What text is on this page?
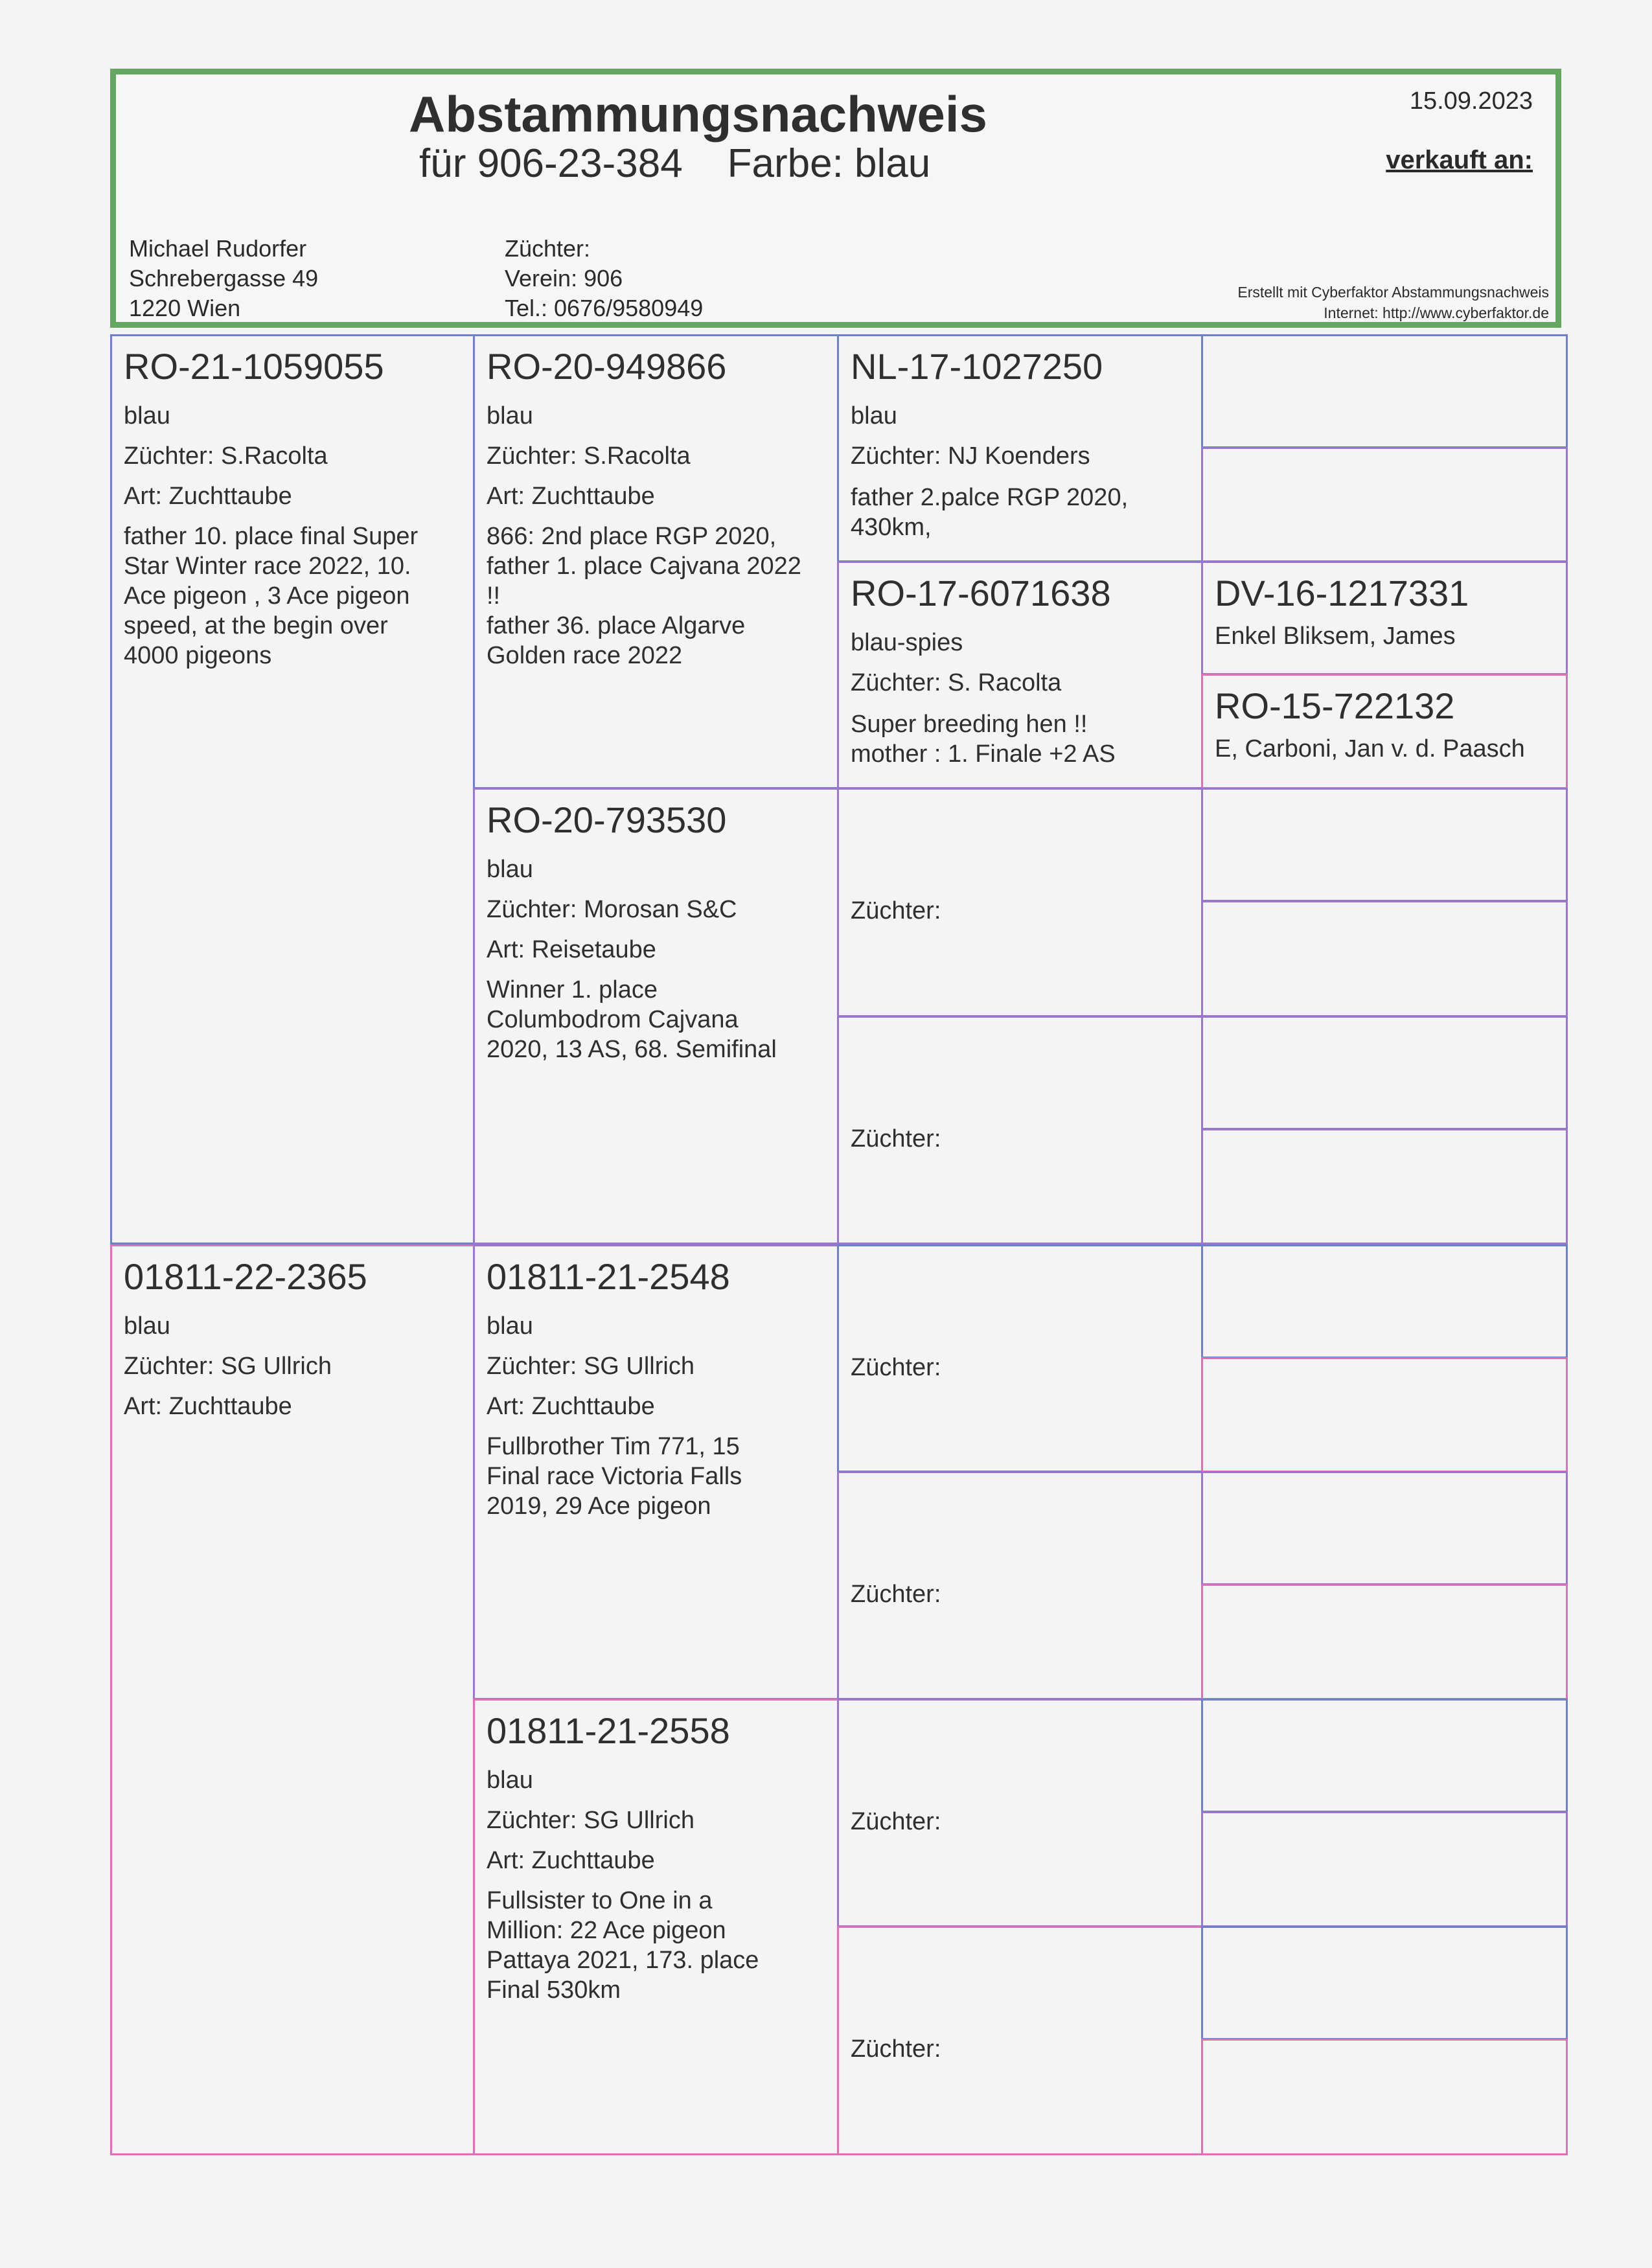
Abstammungsnachweis
für 906-23-384    Farbe: blau
15.09.2023
verkauft an:
Michael Rudorfer
Schrebergasse 49
1220 Wien
Züchter:
Verein: 906
Tel.: 0676/9580949
Erstellt mit Cyberfaktor Abstammungsnachweis
Internet: http://www.cyberfaktor.de
RO-21-1059055
blau
Züchter: S.Racolta
Art: Zuchttaube
father 10. place final Super
Star Winter race 2022, 10.
Ace pigeon , 3 Ace pigeon
speed, at the begin over
4000 pigeons
01811-22-2365
blau
Züchter: SG Ullrich
Art: Zuchttaube
RO-20-949866
blau
Züchter: S.Racolta
Art: Zuchttaube
866: 2nd place RGP 2020,
father 1. place Cajvana 2022
!!
father 36. place Algarve
Golden race 2022
RO-20-793530
blau
Züchter: Morosan S&C
Art: Reisetaube
Winner 1. place
Columbodrom Cajvana
2020, 13 AS, 68. Semifinal
01811-21-2548
blau
Züchter: SG Ullrich
Art: Zuchttaube
Fullbrother Tim 771, 15
Final race Victoria Falls
2019, 29 Ace pigeon
01811-21-2558
blau
Züchter: SG Ullrich
Art: Zuchttaube
Fullsister to One in a
Million: 22 Ace pigeon
Pattaya 2021, 173. place
Final 530km
NL-17-1027250
blau
Züchter: NJ Koenders
father 2.palce RGP 2020,
430km,
RO-17-6071638
blau-spies
Züchter: S. Racolta
Super breeding hen !!
mother : 1. Finale +2 AS
Züchter:
Züchter:
Züchter:
Züchter:
Züchter:
Züchter:
DV-16-1217331
Enkel Bliksem, James
RO-15-722132
E, Carboni, Jan v. d. Paasch
